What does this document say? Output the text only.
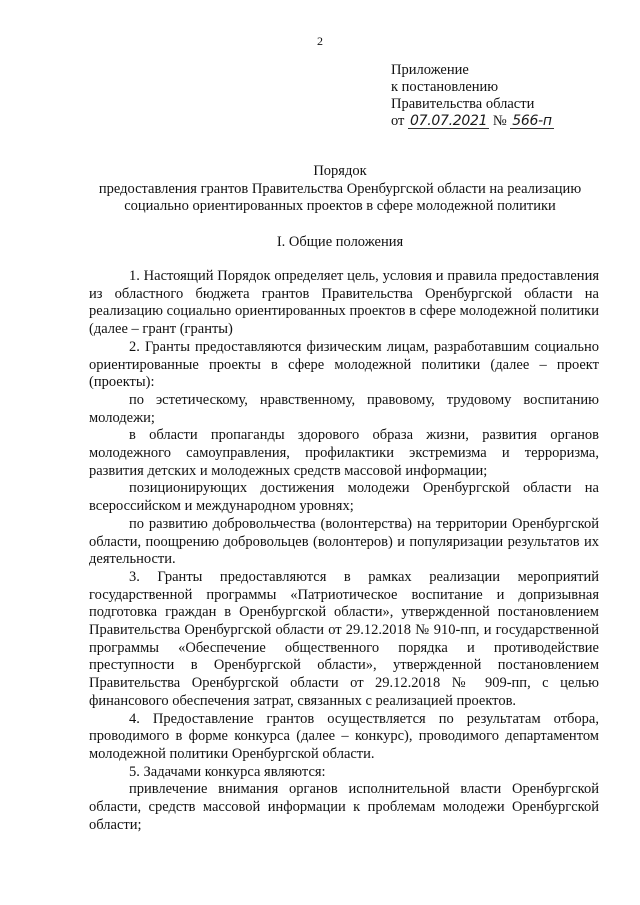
2
Приложение
к постановлению
Правительства области
от 07.07.2021 № 566-п
Порядок
предоставления грантов Правительства Оренбургской области на реализацию
социально ориентированных проектов в сфере молодежной политики
I. Общие положения

1. Настоящий Порядок определяет цель, условия и правила предоставления из областного бюджета грантов Правительства Оренбургской области на реализацию социально ориентированных проектов в сфере молодежной политики (далее – грант (гранты)

2. Гранты предоставляются физическим лицам, разработавшим социально ориентированные проекты в сфере молодежной политики (далее – проект (проекты):

по эстетическому, нравственному, правовому, трудовому воспитанию молодежи;

в области пропаганды здорового образа жизни, развития органов молодежного самоуправления, профилактики экстремизма и терроризма, развития детских и молодежных средств массовой информации;

позиционирующих достижения молодежи Оренбургской области на всероссийском и международном уровнях;

по развитию добровольчества (волонтерства) на территории Оренбургской области, поощрению добровольцев (волонтеров) и популяризации результатов их деятельности.

3. Гранты предоставляются в рамках реализации мероприятий государственной программы «Патриотическое воспитание и допризывная подготовка граждан в Оренбургской области», утвержденной постановлением Правительства Оренбургской области от 29.12.2018 № 910-пп, и государственной программы «Обеспечение общественного порядка и противодействие преступности в Оренбургской области», утвержденной постановлением Правительства Оренбургской области от 29.12.2018 № 909-пп, с целью финансового обеспечения затрат, связанных с реализацией проектов.

4. Предоставление грантов осуществляется по результатам отбора, проводимого в форме конкурса (далее – конкурс), проводимого департаментом молодежной политики Оренбургской области.

5. Задачами конкурса являются:

привлечение внимания органов исполнительной власти Оренбургской области, средств массовой информации к проблемам молодежи Оренбургской области;
